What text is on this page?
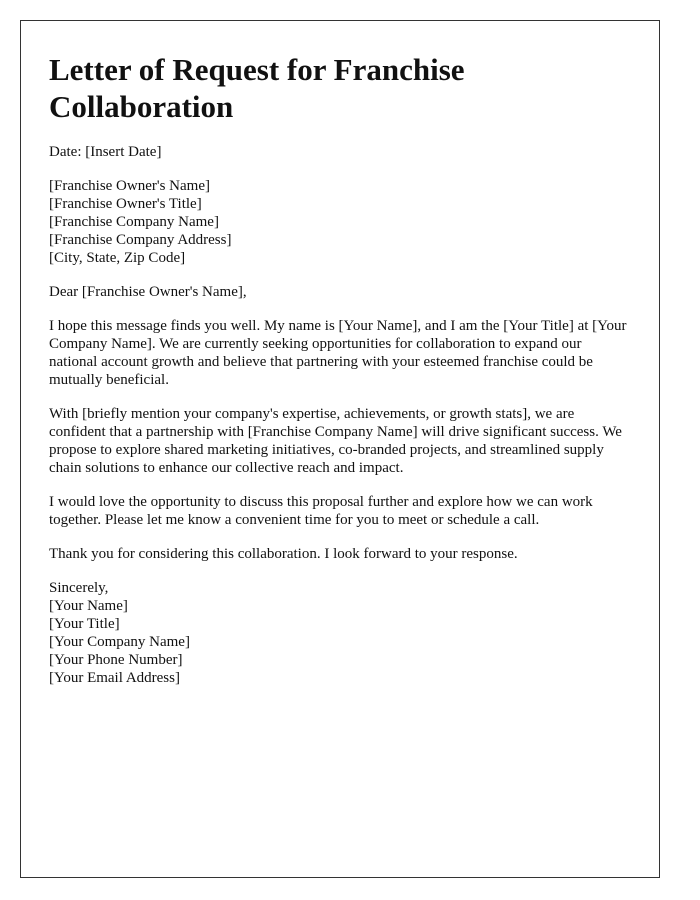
Letter of Request for Franchise Collaboration
Date: [Insert Date]
[Franchise Owner's Name]
[Franchise Owner's Title]
[Franchise Company Name]
[Franchise Company Address]
[City, State, Zip Code]
Dear [Franchise Owner's Name],

I hope this message finds you well. My name is [Your Name], and I am the [Your Title] at [Your Company Name]. We are currently seeking opportunities for collaboration to expand our national account growth and believe that partnering with your esteemed franchise could be mutually beneficial.

With [briefly mention your company's expertise, achievements, or growth stats], we are confident that a partnership with [Franchise Company Name] will drive significant success. We propose to explore shared marketing initiatives, co-branded projects, and streamlined supply chain solutions to enhance our collective reach and impact.

I would love the opportunity to discuss this proposal further and explore how we can work together. Please let me know a convenient time for you to meet or schedule a call.

Thank you for considering this collaboration. I look forward to your response.

Sincerely,
[Your Name]
[Your Title]
[Your Company Name]
[Your Phone Number]
[Your Email Address]
